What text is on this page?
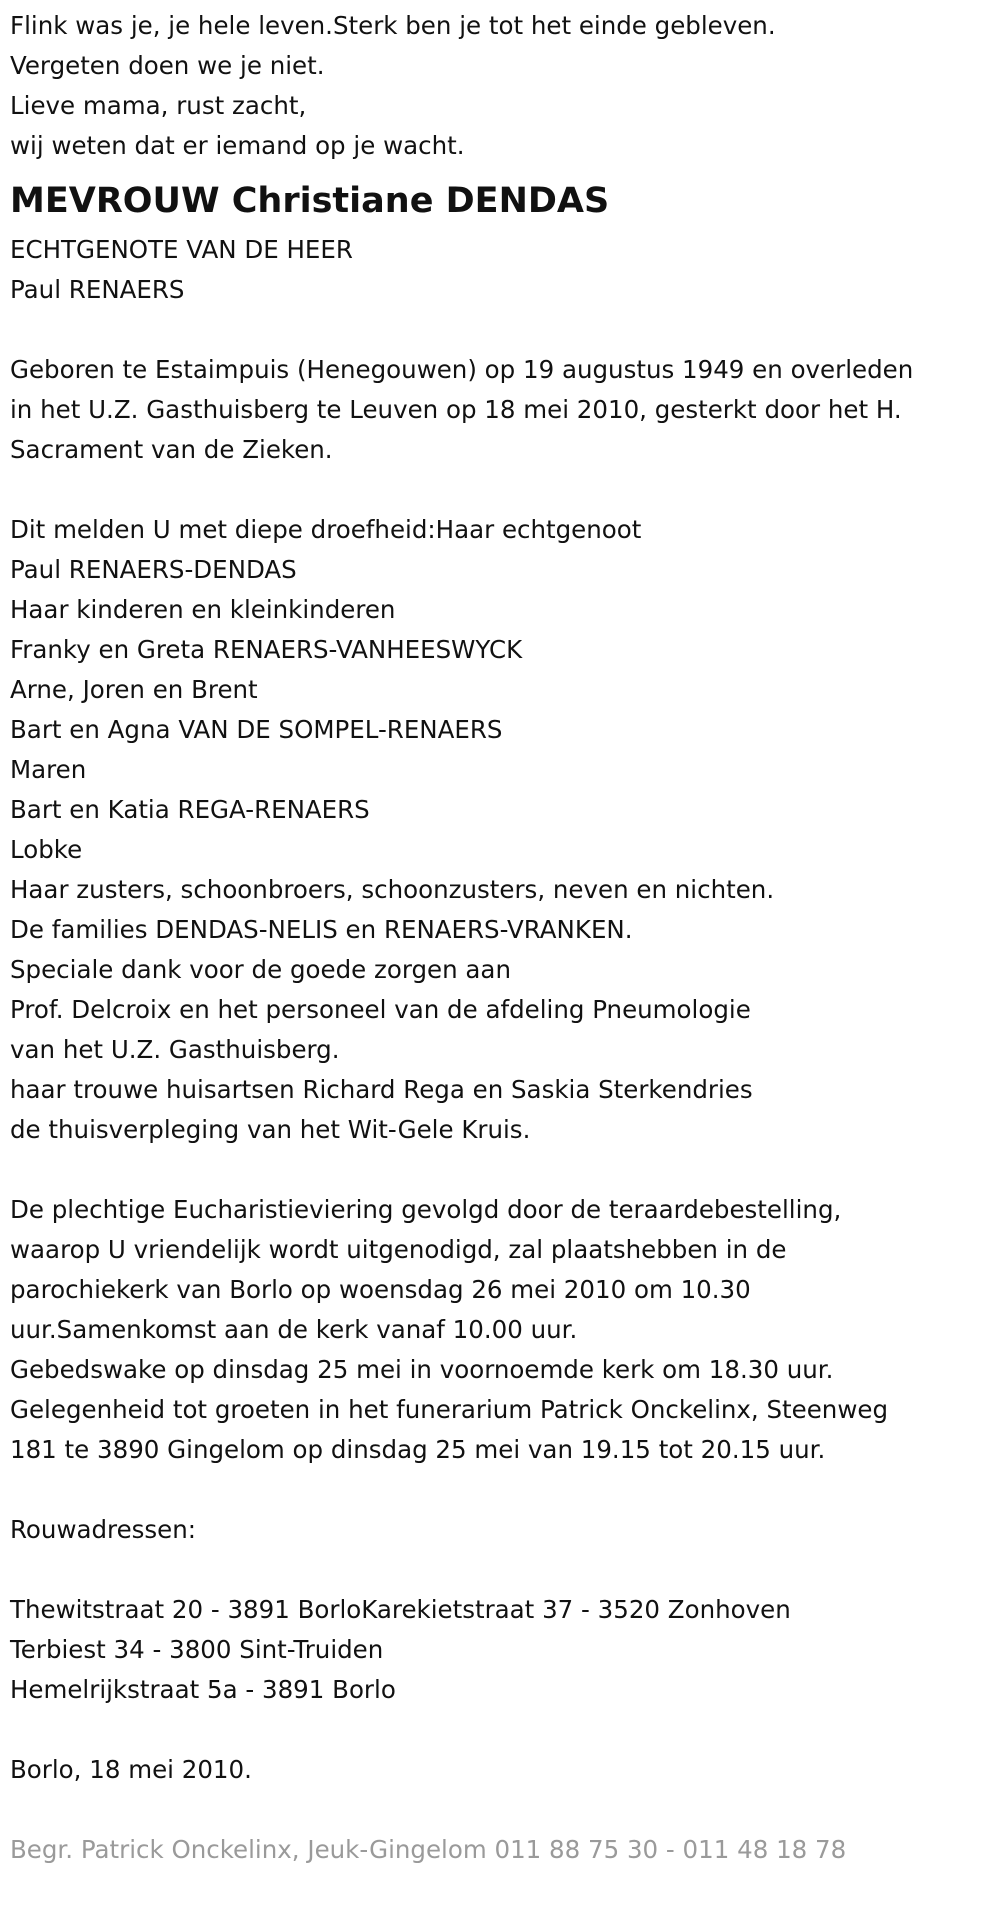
Flink was je, je hele leven.Sterk ben je tot het einde gebleven.
Vergeten doen we je niet.
Lieve mama, rust zacht,
wij weten dat er iemand op je wacht.
MEVROUW Christiane DENDAS
ECHTGENOTE VAN DE HEER
Paul RENAERS
Geboren te Estaimpuis (Henegouwen) op 19 augustus 1949 en overleden
in het U.Z. Gasthuisberg te Leuven op 18 mei 2010, gesterkt door het H.
Sacrament van de Zieken.
Dit melden U met diepe droefheid:Haar echtgenoot
Paul RENAERS-DENDAS
Haar kinderen en kleinkinderen
Franky en Greta RENAERS-VANHEESWYCK
Arne, Joren en Brent
Bart en Agna VAN DE SOMPEL-RENAERS
Maren
Bart en Katia REGA-RENAERS
Lobke
Haar zusters, schoonbroers, schoonzusters, neven en nichten.
De families DENDAS-NELIS en RENAERS-VRANKEN.
Speciale dank voor de goede zorgen aan
Prof. Delcroix en het personeel van de afdeling Pneumologie
van het U.Z. Gasthuisberg.
haar trouwe huisartsen Richard Rega en Saskia Sterkendries
de thuisverpleging van het Wit-Gele Kruis.
De plechtige Eucharistieviering gevolgd door de teraardebestelling,
waarop U vriendelijk wordt uitgenodigd, zal plaatshebben in de
parochiekerk van Borlo op woensdag 26 mei 2010 om 10.30
uur.Samenkomst aan de kerk vanaf 10.00 uur.
Gebedswake op dinsdag 25 mei in voornoemde kerk om 18.30 uur.
Gelegenheid tot groeten in het funerarium Patrick Onckelinx, Steenweg
181 te 3890 Gingelom op dinsdag 25 mei van 19.15 tot 20.15 uur.
Rouwadressen:
Thewitstraat 20 - 3891 BorloKarekietstraat 37 - 3520 Zonhoven
Terbiest 34 - 3800 Sint-Truiden
Hemelrijkstraat 5a - 3891 Borlo
Borlo, 18 mei 2010.
Begr. Patrick Onckelinx, Jeuk-Gingelom 011 88 75 30 - 011 48 18 78
